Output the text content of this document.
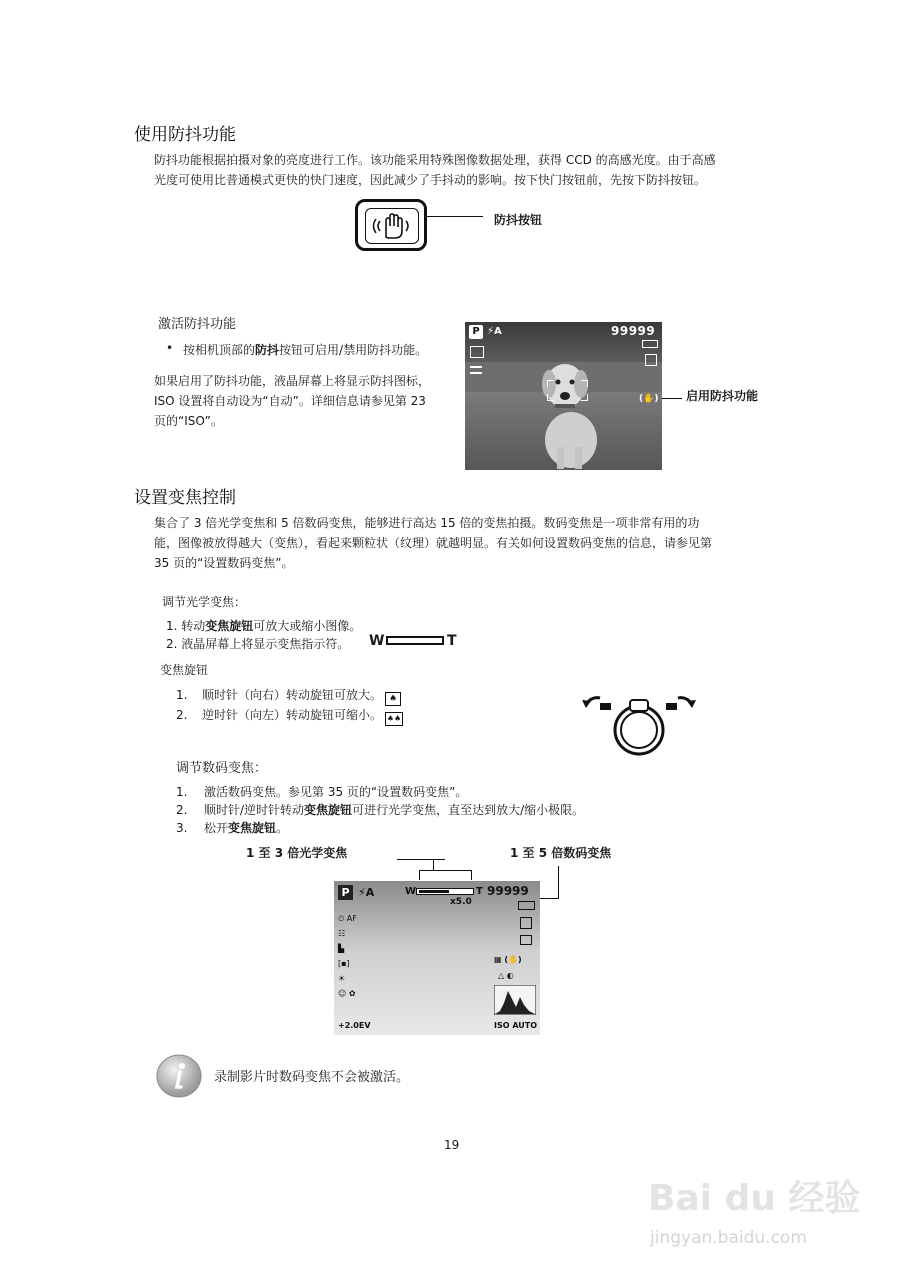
使用防抖功能
防抖功能根据拍摄对象的亮度进行工作。该功能采用特殊图像数据处理，获得 CCD 的高感光度。由于高感
光度可使用比普通模式更快的快门速度，因此减少了手抖动的影响。按下快门按钮前，先按下防抖按钮。
防抖按钮
激活防抖功能
• 按相机顶部的防抖按钮可启用/禁用防抖功能。
如果启用了防抖功能，液晶屏幕上将显示防抖图标，
ISO 设置将自动设为“自动”。详细信息请参见第 23
页的“ISO”。
P ⚡A	99999
(✋) 启用防抖功能
设置变焦控制
集合了 3 倍光学变焦和 5 倍数码变焦，能够进行高达 15 倍的变焦拍摄。数码变焦是一项非常有用的功
能，图像被放得越大（变焦），看起来颗粒状（纹理）就越明显。有关如何设置数码变焦的信息，请参见第
35 页的“设置数码变焦”。
调节光学变焦：
1. 转动变焦旋钮可放大或缩小图像。
2. 液晶屏幕上将显示变焦指示符。	W	T
变焦旋钮
1. 顺时针（向右）转动旋钮可放大。 ♠
2. 逆时针（向左）转动旋钮可缩小。 ♠♠
调节数码变焦：
1. 激活数码变焦。参见第 35 页的“设置数码变焦”。
2. 顺时针/逆时针转动变焦旋钮可进行光学变焦，直至达到放大/缩小极限。
3. 松开变焦旋钮。
1 至 3 倍光学变焦	1 至 5 倍数码变焦
P ⚡A	W	T 99999
x5.0
⏲ AF
☷
▙
[▪]
☀
☺ ✿
+2.0EV
▦ (✋)
△ ◐
ISO AUTO
录制影片时数码变焦不会被激活。
19
Bai du 经验
jingyan.baidu.com
